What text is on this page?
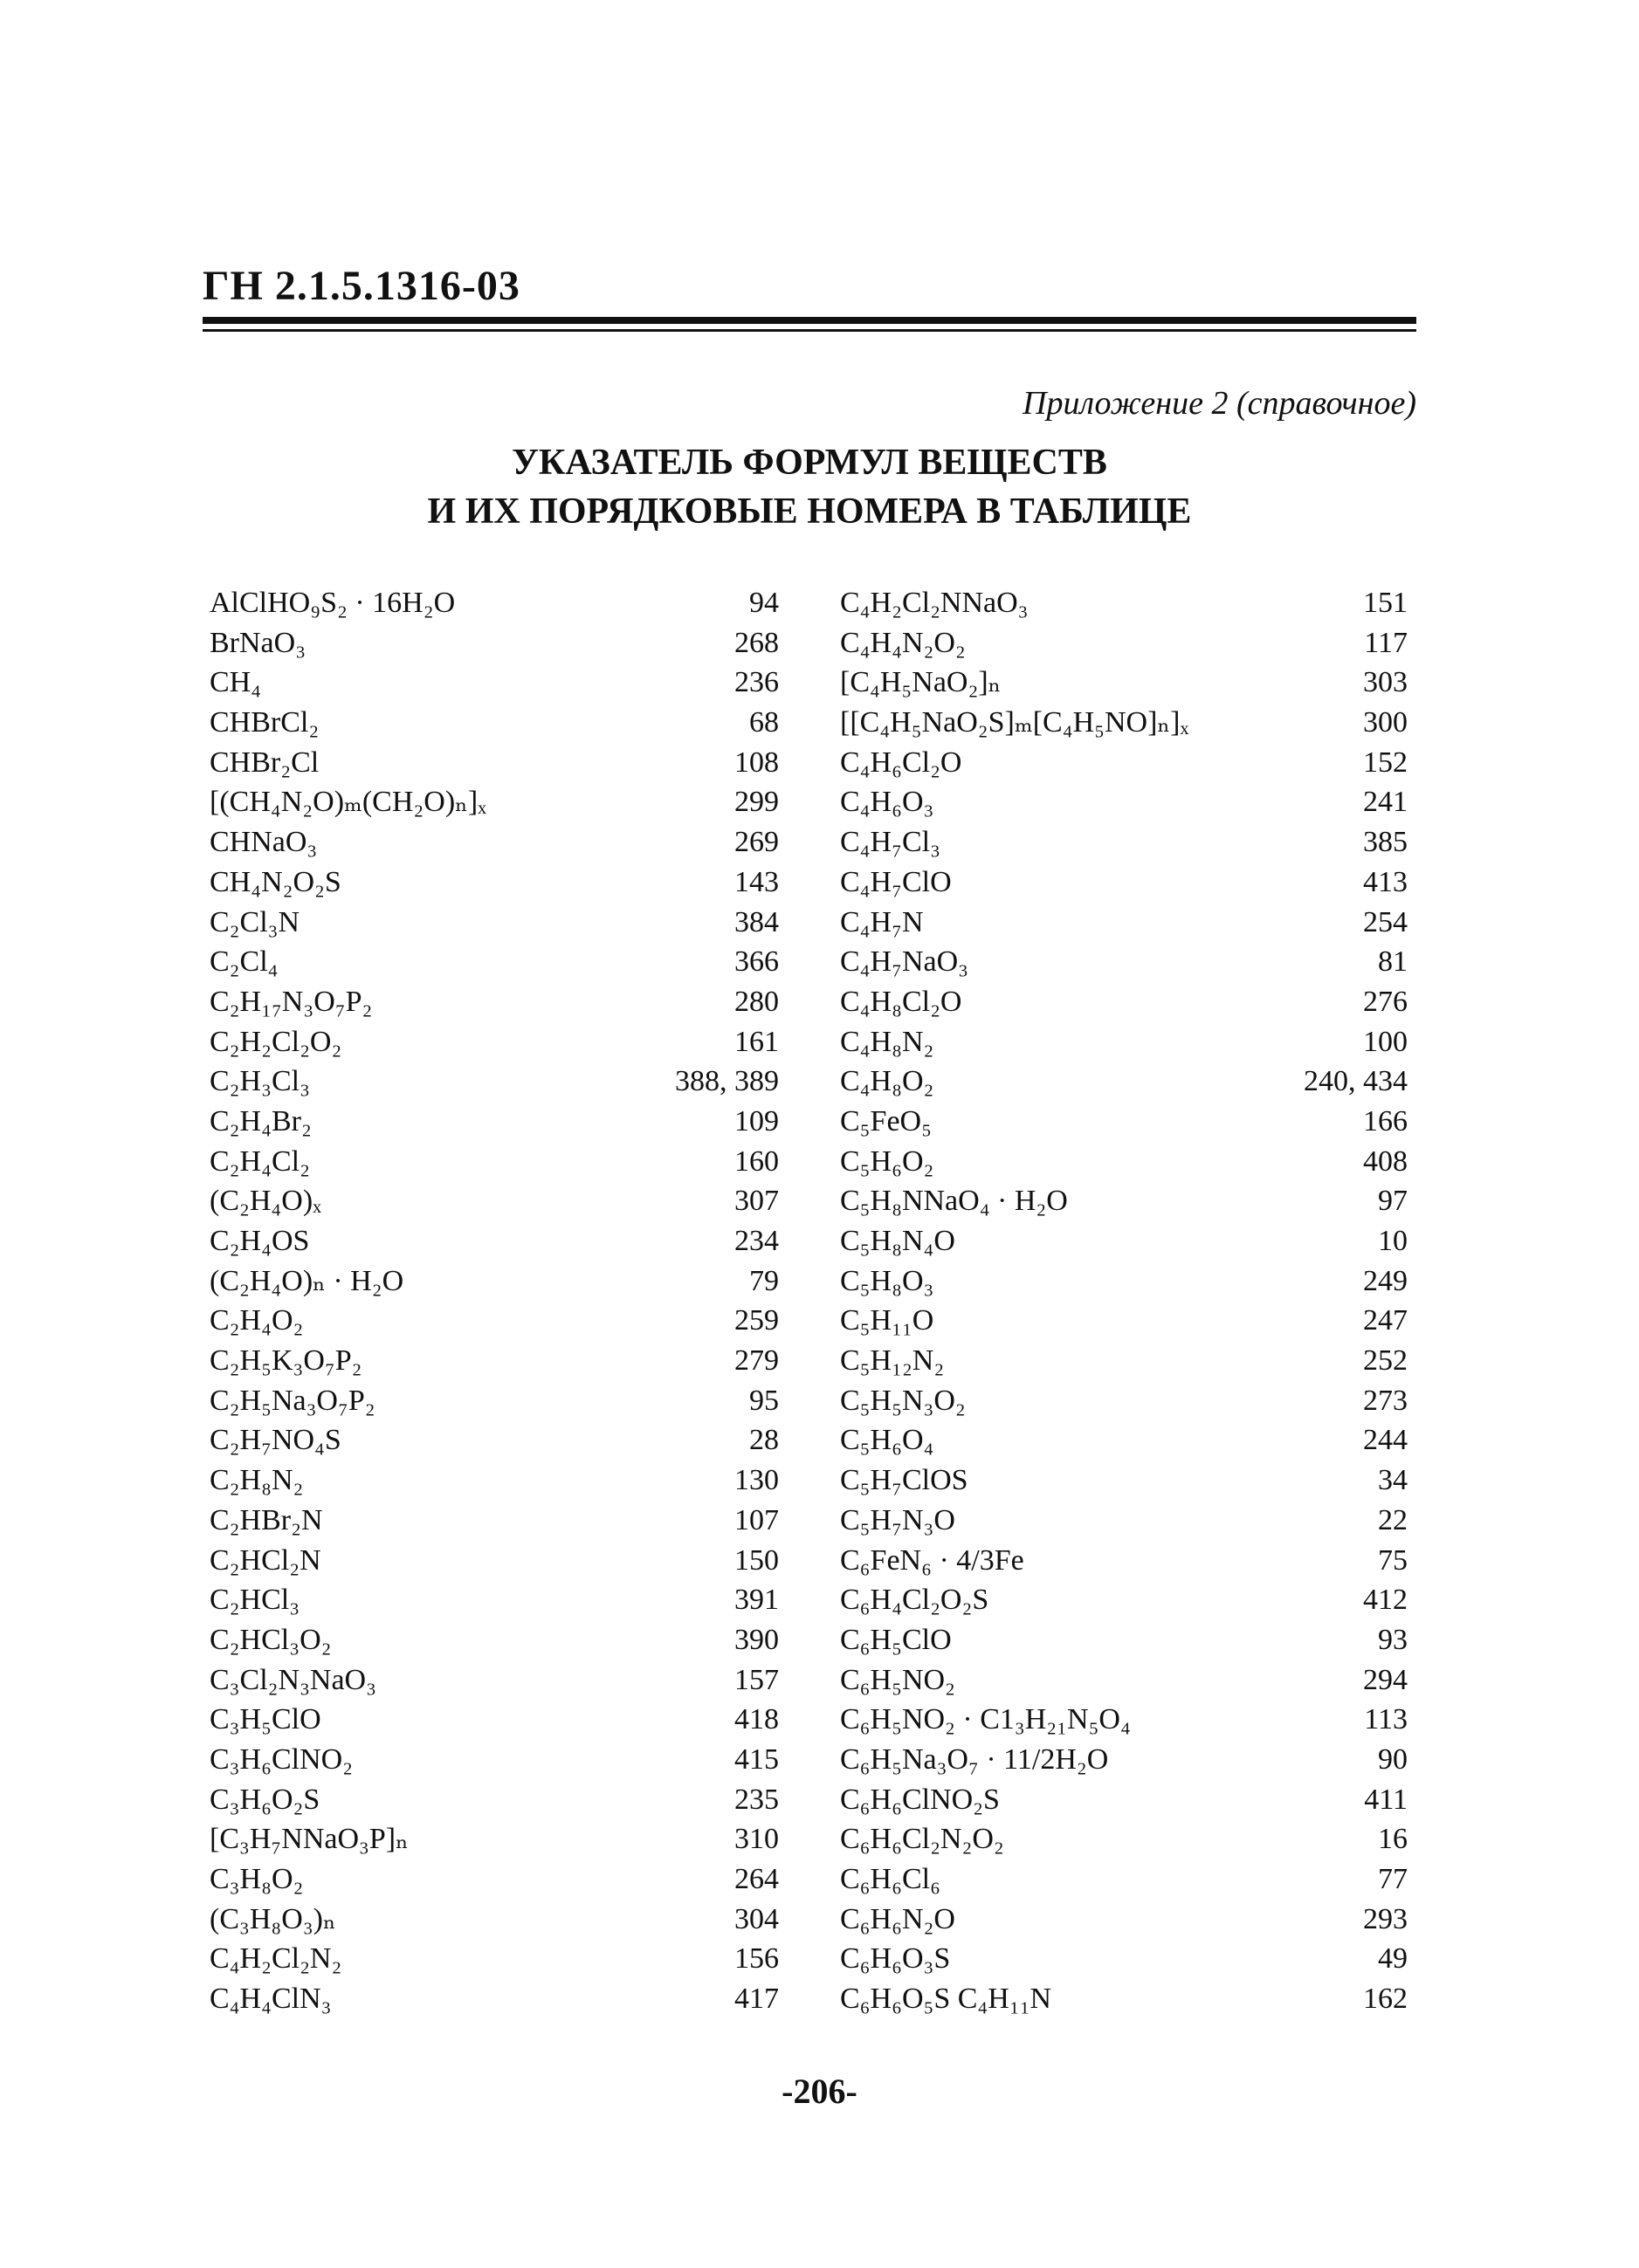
ГН 2.1.5.1316-03
Приложение 2 (справочное)
УКАЗАТЕЛЬ ФОРМУЛ ВЕЩЕСТВ
И ИХ ПОРЯДКОВЫЕ НОМЕРА В ТАБЛИЦЕ
AlClHO₉S₂ · 16H₂O	94
BrNaO₃	268
CH₄	236
CHBrCl₂	68
CHBr₂Cl	108
[(CH₄N₂O)ₘ(CH₂O)ₙ]ₓ	299
CHNaO₃	269
CH₄N₂O₂S	143
C₂Cl₃N	384
C₂Cl₄	366
C₂H₁₇N₃O₇P₂	280
C₂H₂Cl₂O₂	161
C₂H₃Cl₃	388, 389
C₂H₄Br₂	109
C₂H₄Cl₂	160
(C₂H₄O)ₓ	307
C₂H₄OS	234
(C₂H₄O)ₙ · H₂O	79
C₂H₄O₂	259
C₂H₅K₃O₇P₂	279
C₂H₅Na₃O₇P₂	95
C₂H₇NO₄S	28
C₂H₈N₂	130
C₂HBr₂N	107
C₂HCl₂N	150
C₂HCl₃	391
C₂HCl₃O₂	390
C₃Cl₂N₃NaO₃	157
C₃H₅ClO	418
C₃H₆ClNO₂	415
C₃H₆O₂S	235
[C₃H₇NNaO₃P]ₙ	310
C₃H₈O₂	264
(C₃H₈O₃)ₙ	304
C₄H₂Cl₂N₂	156
C₄H₄ClN₃	417
C₄H₂Cl₂NNaO₃	151
C₄H₄N₂O₂	117
[C₄H₅NaO₂]ₙ	303
[[C₄H₅NaO₂S]ₘ[C₄H₅NO]ₙ]ₓ	300
C₄H₆Cl₂O	152
C₄H₆O₃	241
C₄H₇Cl₃	385
C₄H₇ClO	413
C₄H₇N	254
C₄H₇NaO₃	81
C₄H₈Cl₂O	276
C₄H₈N₂	100
C₄H₈O₂	240, 434
C₅FeO₅	166
C₅H₆O₂	408
C₅H₈NNaO₄ · H₂O	97
C₅H₈N₄O	10
C₅H₈O₃	249
C₅H₁₁O	247
C₅H₁₂N₂	252
C₅H₅N₃O₂	273
C₅H₆O₄	244
C₅H₇ClOS	34
C₅H₇N₃O	22
C₆FeN₆ · 4/3Fe	75
C₆H₄Cl₂O₂S	412
C₆H₅ClO	93
C₆H₅NO₂	294
C₆H₅NO₂ · C1₃H₂₁N₅O₄	113
C₆H₅Na₃O₇ · 11/2H₂O	90
C₆H₆ClNO₂S	411
C₆H₆Cl₂N₂O₂	16
C₆H₆Cl₆	77
C₆H₆N₂O	293
C₆H₆O₃S	49
C₆H₆O₅S C₄H₁₁N	162
-206-
